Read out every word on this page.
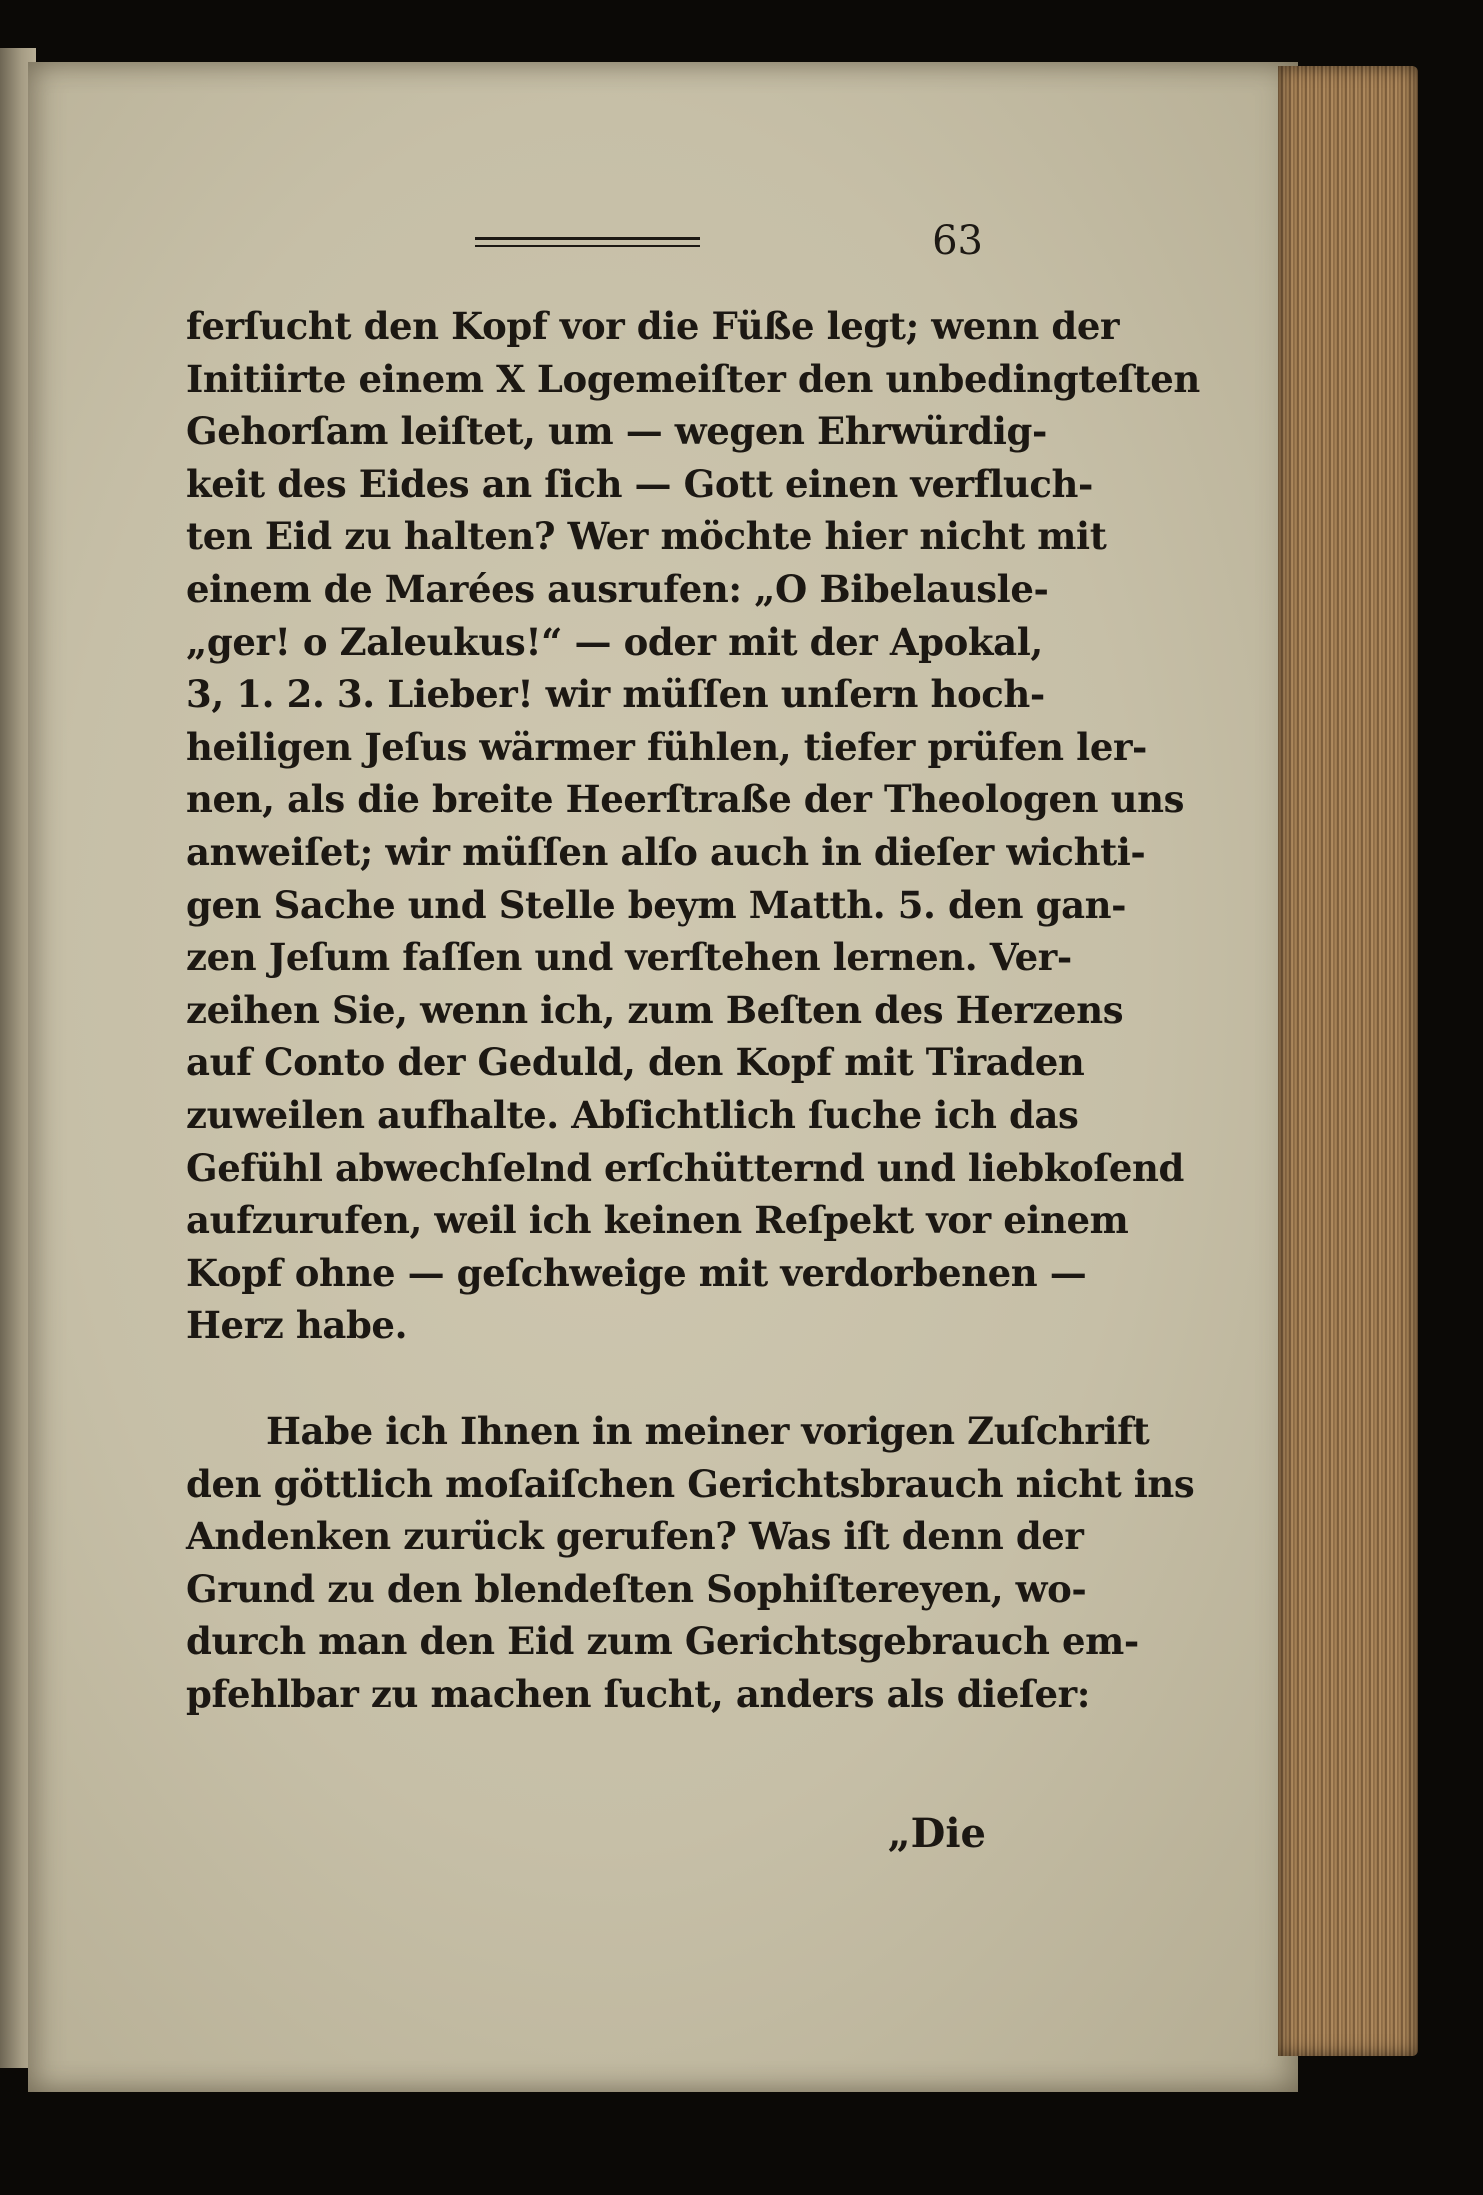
63
ferſucht den Kopf vor die Füße legt; wenn der
Initiirte einem X Logemeiſter den unbedingteſten
Gehorſam leiſtet, um — wegen Ehrwürdig-
keit des Eides an ſich — Gott einen verfluch-
ten Eid zu halten? Wer möchte hier nicht mit
einem de Marées ausrufen: „O Bibelausle-
„ger! o Zaleukus!“ — oder mit der Apokal,
3, 1. 2. 3. Lieber! wir müſſen unſern hoch-
heiligen Jeſus wärmer fühlen, tiefer prüfen ler-
nen, als die breite Heerſtraße der Theologen uns
anweiſet; wir müſſen alſo auch in dieſer wichti-
gen Sache und Stelle beym Matth. 5. den gan-
zen Jeſum faſſen und verſtehen lernen. Ver-
zeihen Sie, wenn ich, zum Beſten des Herzens
auf Conto der Geduld, den Kopf mit Tiraden
zuweilen aufhalte. Abſichtlich ſuche ich das
Gefühl abwechſelnd erſchütternd und liebkoſend
aufzurufen, weil ich keinen Reſpekt vor einem
Kopf ohne — geſchweige mit verdorbenen —
Herz habe.
Habe ich Ihnen in meiner vorigen Zuſchrift
den göttlich moſaiſchen Gerichtsbrauch nicht ins
Andenken zurück gerufen? Was iſt denn der
Grund zu den blendeſten Sophiſtereyen, wo-
durch man den Eid zum Gerichtsgebrauch em-
pfehlbar zu machen ſucht, anders als dieſer:
„Die
